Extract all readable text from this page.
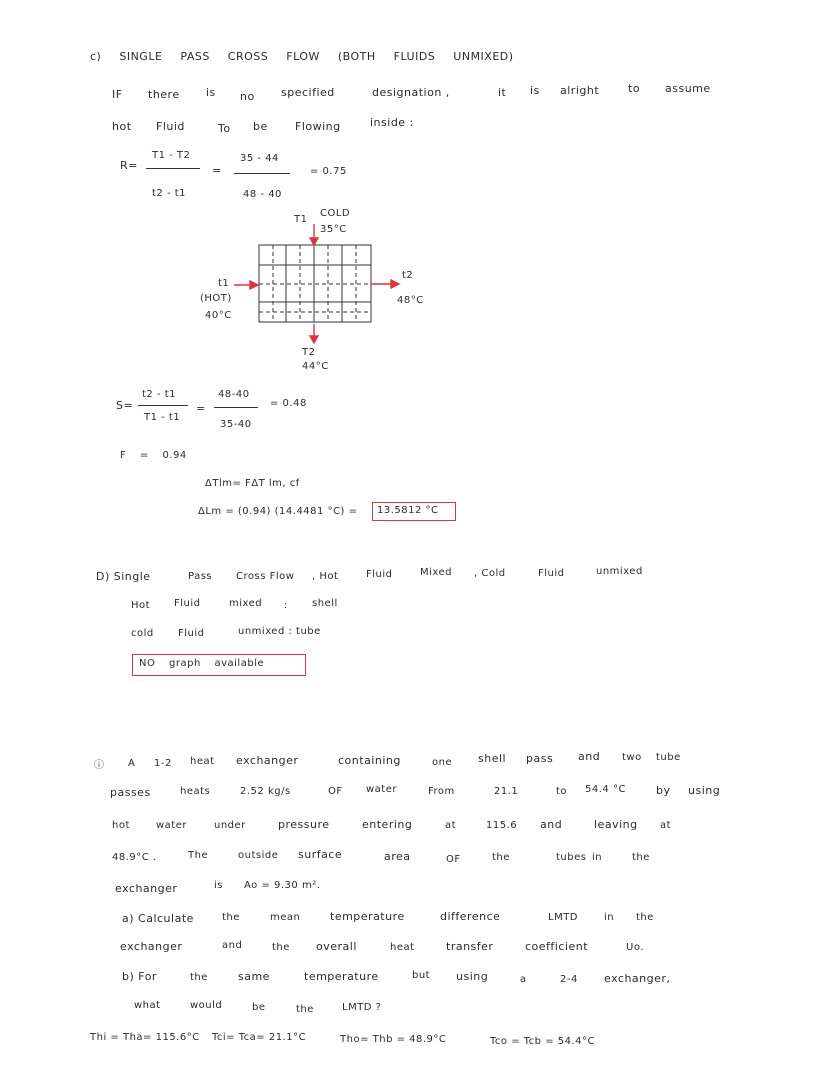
c) SINGLE PASS CROSS FLOW (BOTH FLUIDS UNMIXED)
IF there is no specified	designation ,	it is alright	to assume
hot Fluid	To be Flowing	inside :
R=
T1 - T2
t2 - t1
=
35 - 44
48 - 40
= 0.75
T1
COLD
35°C
t1
(HOT)
40°C
t2
48°C
T2
44°C
S=
t2 - t1
T1 - t1
=
48-40
35-40
= 0.48
F = 0.94
ΔTlm= FΔT lm, cf
ΔLm = (0.94) (14.4481 °C) = 13.5812 °C
D) Single	Pass Cross Flow , Hot	Fluid	Mixed , Cold	Fluid	unmixed
Hot Fluid	mixed : shell
cold Fluid	unmixed : tube
NO graph available
ⓘ A 1-2 heat exchanger	containing	one shell pass and two tube
passes	heats	2.52 kg/s	OF water	From	21.1	to 54.4 °C	by using
hot	water	under	pressure	entering	at	115.6 and	leaving at
48.9°C .	The	outside surface	area	OF	the	tubes in	the
exchanger	is Ao = 9.30 m².
a) Calculate	the	mean	temperature	difference	LMTD	in the
exchanger	and	the overall	heat	transfer	coefficient	Uo.
b) For	the	same	temperature	but using	a	2-4 exchanger,
what	would	be	the	LMTD ?
Thi = Tha= 115.6°C Tci= Tca= 21.1°C	Tho= Thb = 48.9°C	Tco = Tcb = 54.4°C
